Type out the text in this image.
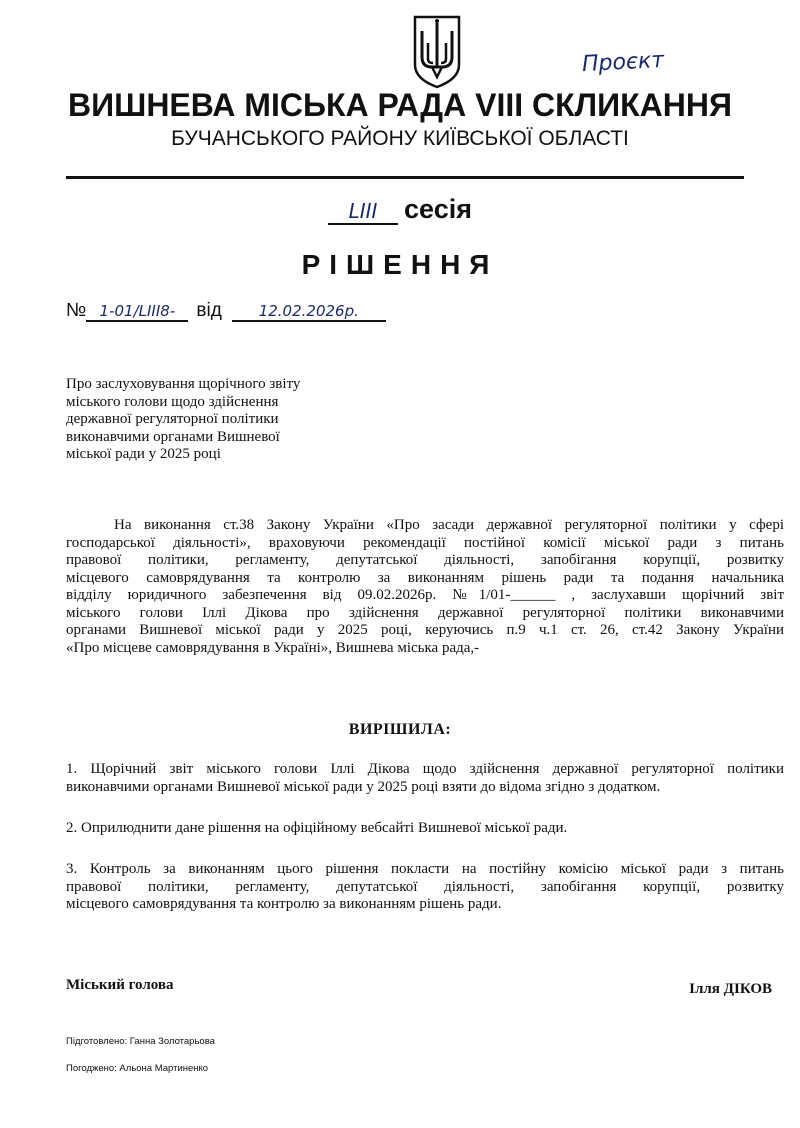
Проєкт
ВИШНЕВА МІСЬКА РАДА VIII СКЛИКАННЯ
БУЧАНСЬКОГО РАЙОНУ КИЇВСЬКОЇ ОБЛАСТІ
LIII сесія
РІШЕННЯ
№ 1-01/LIII8- від 12.02.2026р.
Про заслуховування щорічного звіту
міського голови щодо здійснення
державної регуляторної політики
виконавчими органами Вишневої
міської ради у 2025 році
На виконання ст.38 Закону України «Про засади державної регуляторної політики у сфері
господарської діяльності», враховуючи рекомендації постійної комісії міської ради з питань
правової політики, регламенту, депутатської діяльності, запобігання корупції, розвитку
місцевого самоврядування та контролю за виконанням рішень ради та подання начальника
відділу юридичного забезпечення від 09.02.2026р. №1/01-______ , заслухавши щорічний звіт
міського голови Іллі Дікова про здійснення державної регуляторної політики виконавчими
органами Вишневої міської ради у 2025 році, керуючись п.9 ч.1 ст. 26, ст.42 Закону України
«Про місцеве самоврядування в Україні», Вишнева міська рада,-
ВИРІШИЛА:
1. Щорічний звіт міського голови Іллі Дікова щодо здійснення державної регуляторної політики
виконавчими органами Вишневої міської ради у 2025 році взяти до відома згідно з додатком.
2. Оприлюднити дане рішення на офіційному вебсайті Вишневої міської ради.
3. Контроль за виконанням цього рішення покласти на постійну комісію міської ради з питань
правової політики, регламенту, депутатської діяльності, запобігання корупції, розвитку
місцевого самоврядування та контролю за виконанням рішень ради.
Міський голова	Ілля ДІКОВ
Підготовлено: Ганна Золотарьова
Погоджено: Альона Мартиненко
